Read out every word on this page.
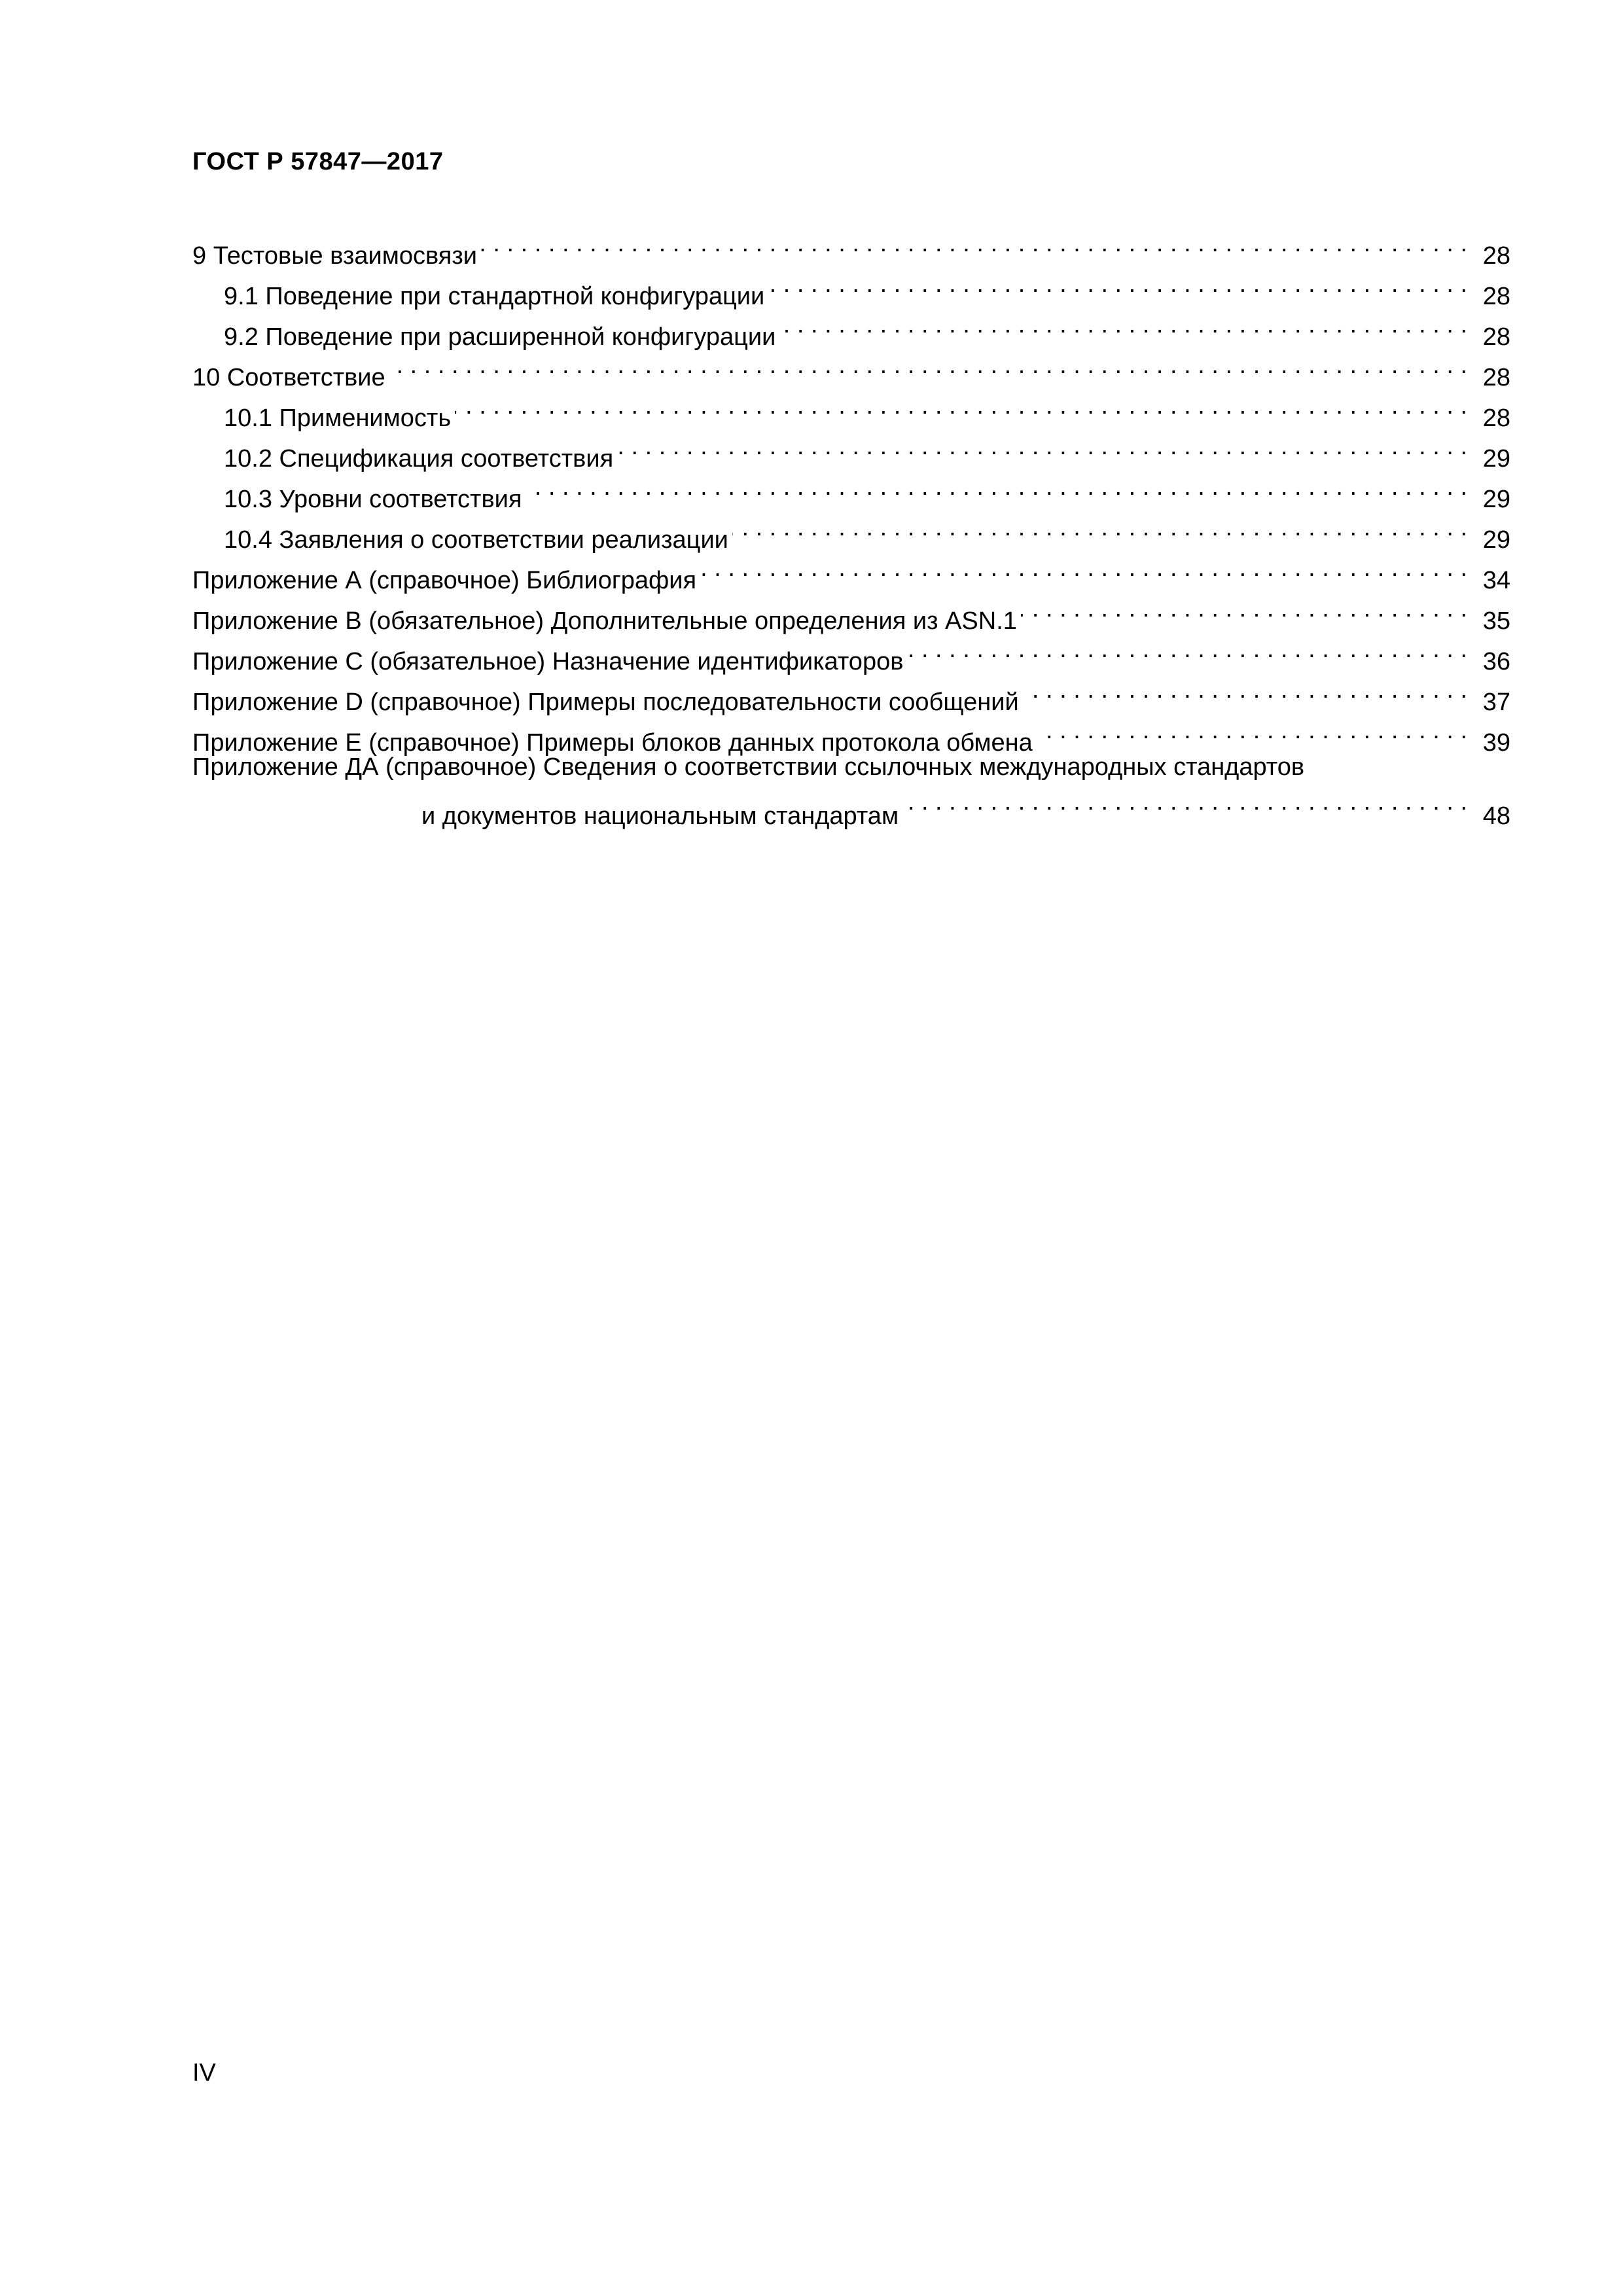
ГОСТ Р 57847—2017
9 Тестовые взаимосвязи . . .	28
9.1 Поведение при стандартной конфигурации . . .	28
9.2 Поведение при расширенной конфигурации . . .	28
10 Соответствие . . .	28
10.1 Применимость . . .	28
10.2 Спецификация соответствия . . .	29
10.3 Уровни соответствия . . .	29
10.4 Заявления о соответствии реализации . . .	29
Приложение А (справочное) Библиография . . .	34
Приложение В (обязательное) Дополнительные определения из ASN.1 . . .	35
Приложение С (обязательное) Назначение идентификаторов . . .	36
Приложение D (справочное) Примеры последовательности сообщений . . .	37
Приложение Е (справочное) Примеры блоков данных протокола обмена . . .	39
Приложение ДА (справочное) Сведения о соответствии ссылочных международных стандартов
и документов национальным стандартам . . .	48
IV
